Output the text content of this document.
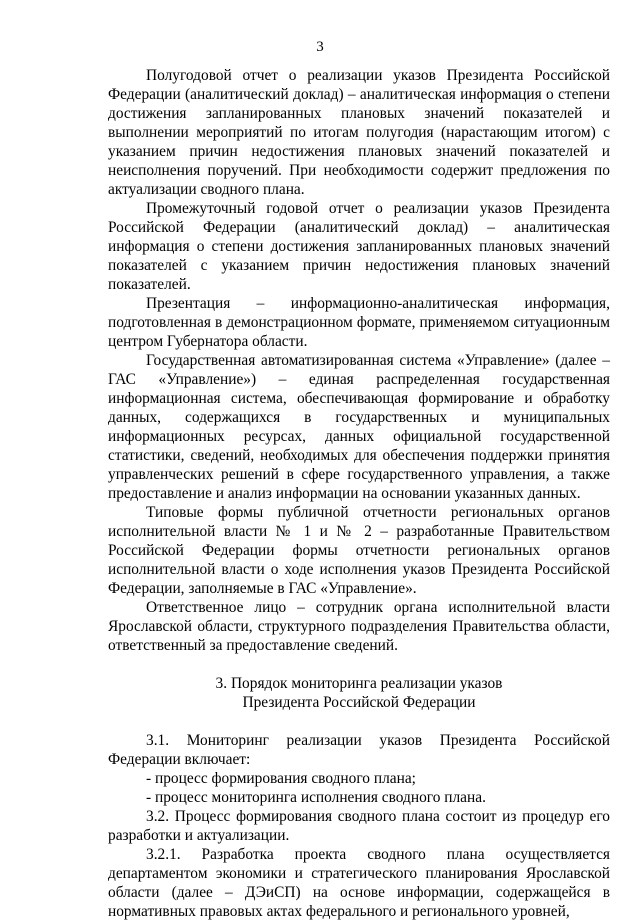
3

Полугодовой отчет о реализации указов Президента Российской Федерации (аналитический доклад) – аналитическая информация о степени достижения запланированных плановых значений показателей и выполнении мероприятий по итогам полугодия (нарастающим итогом) с указанием причин недостижения плановых значений показателей и неисполнения поручений. При необходимости содержит предложения по актуализации сводного плана.

Промежуточный годовой отчет о реализации указов Президента Российской Федерации (аналитический доклад) – аналитическая информация о степени достижения запланированных плановых значений показателей с указанием причин недостижения плановых значений показателей.

Презентация – информационно-аналитическая информация, подготовленная в демонстрационном формате, применяемом ситуационным центром Губернатора области.

Государственная автоматизированная система «Управление» (далее – ГАС «Управление») – единая распределенная государственная информационная система, обеспечивающая формирование и обработку данных, содержащихся в государственных и муниципальных информационных ресурсах, данных официальной государственной статистики, сведений, необходимых для обеспечения поддержки принятия управленческих решений в сфере государственного управления, а также предоставление и анализ информации на основании указанных данных.

Типовые формы публичной отчетности региональных органов исполнительной власти № 1 и № 2 – разработанные Правительством Российской Федерации формы отчетности региональных органов исполнительной власти о ходе исполнения указов Президента Российской Федерации, заполняемые в ГАС «Управление».

Ответственное лицо – сотрудник органа исполнительной власти Ярославской области, структурного подразделения Правительства области, ответственный за предоставление сведений.

3. Порядок мониторинга реализации указов

Президента Российской Федерации

3.1. Мониторинг реализации указов Президента Российской Федерации включает:

- процесс формирования сводного плана;

- процесс мониторинга исполнения сводного плана.

3.2. Процесс формирования сводного плана состоит из процедур его разработки и актуализации.

3.2.1. Разработка проекта сводного плана осуществляется департаментом экономики и стратегического планирования Ярославской области (далее – ДЭиСП) на основе информации, содержащейся в нормативных правовых актах федерального и регионального уровней,
